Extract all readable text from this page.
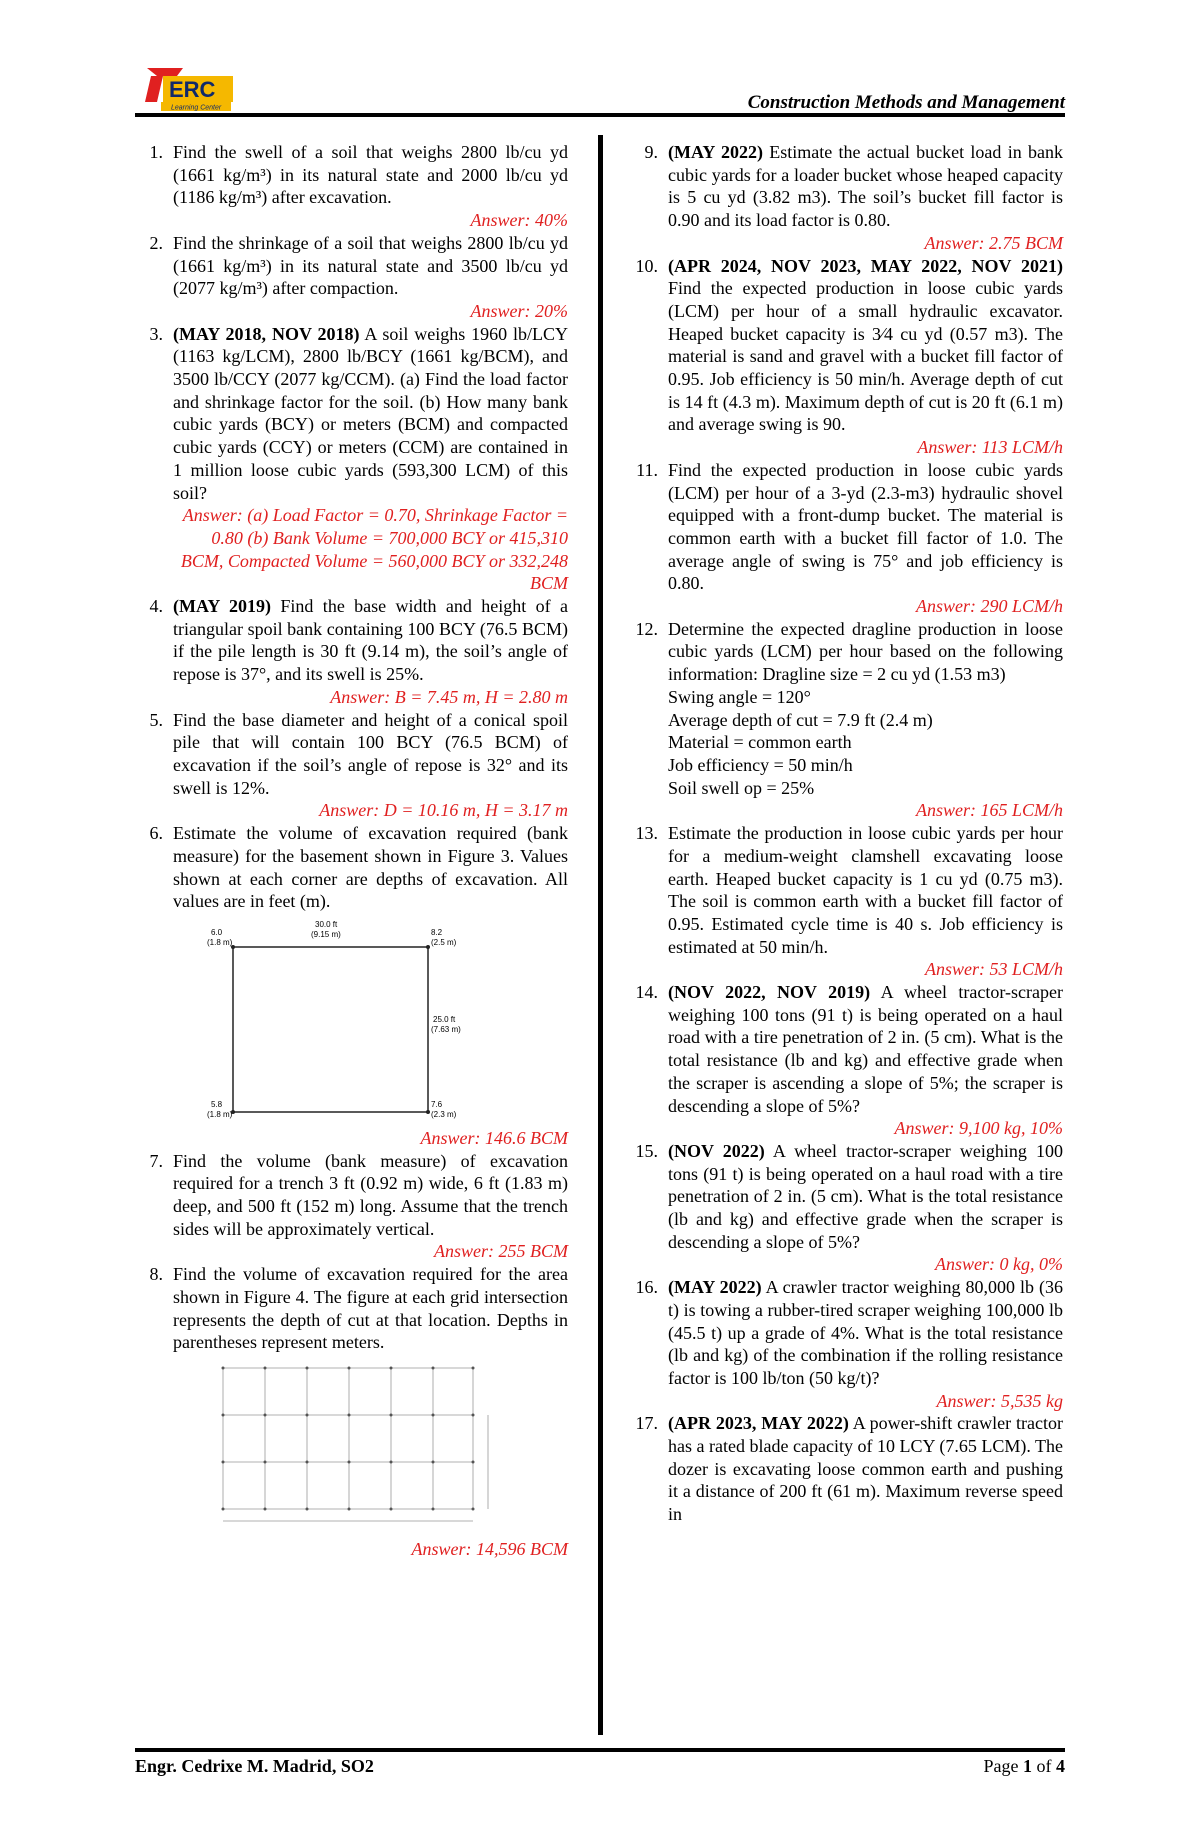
ERC
Learning Center	Construction Methods and Management
1. Find the swell of a soil that weighs 2800 lb/cu yd (1661 kg/m³) in its natural state and 2000 lb/cu yd (1186 kg/m³) after excavation.
Answer: 40%
2. Find the shrinkage of a soil that weighs 2800 lb/cu yd (1661 kg/m³) in its natural state and 3500 lb/cu yd (2077 kg/m³) after compaction.
Answer: 20%
3. (MAY 2018, NOV 2018) A soil weighs 1960 lb/LCY (1163 kg/LCM), 2800 lb/BCY (1661 kg/BCM), and 3500 lb/CCY (2077 kg/CCM). (a) Find the load factor and shrinkage factor for the soil. (b) How many bank cubic yards (BCY) or meters (BCM) and compacted cubic yards (CCY) or meters (CCM) are contained in 1 million loose cubic yards (593,300 LCM) of this soil?
Answer: (a) Load Factor = 0.70, Shrinkage Factor = 0.80 (b) Bank Volume = 700,000 BCY or 415,310 BCM, Compacted Volume = 560,000 BCY or 332,248 BCM
4. (MAY 2019) Find the base width and height of a triangular spoil bank containing 100 BCY (76.5 BCM) if the pile length is 30 ft (9.14 m), the soil’s angle of repose is 37°, and its swell is 25%.
Answer: B = 7.45 m, H = 2.80 m
5. Find the base diameter and height of a conical spoil pile that will contain 100 BCY (76.5 BCM) of excavation if the soil’s angle of repose is 32° and its swell is 12%.
Answer: D = 10.16 m, H = 3.17 m
6. Estimate the volume of excavation required (bank measure) for the basement shown in Figure 3. Values shown at each corner are depths of excavation. All values are in feet (m).
30.0 ft
(9.15 m)
25.0 ft
(7.63 m)
6.0
(1.8 m)
8.2
(2.5 m)
5.8
(1.8 m)
7.6
(2.3 m)
Answer: 146.6 BCM
7. Find the volume (bank measure) of excavation required for a trench 3 ft (0.92 m) wide, 6 ft (1.83 m) deep, and 500 ft (152 m) long. Assume that the trench sides will be approximately vertical.
Answer: 255 BCM
8. Find the volume of excavation required for the area shown in Figure 4. The figure at each grid intersection represents the depth of cut at that location. Depths in parentheses represent meters.
Answer: 14,596 BCM
9. (MAY 2022) Estimate the actual bucket load in bank cubic yards for a loader bucket whose heaped capacity is 5 cu yd (3.82 m3). The soil’s bucket fill factor is 0.90 and its load factor is 0.80.
Answer: 2.75 BCM
10. (APR 2024, NOV 2023, MAY 2022, NOV 2021) Find the expected production in loose cubic yards (LCM) per hour of a small hydraulic excavator. Heaped bucket capacity is 3⁄4 cu yd (0.57 m3). The material is sand and gravel with a bucket fill factor of 0.95. Job efficiency is 50 min/h. Average depth of cut is 14 ft (4.3 m). Maximum depth of cut is 20 ft (6.1 m) and average swing is 90.
Answer: 113 LCM/h
11. Find the expected production in loose cubic yards (LCM) per hour of a 3-yd (2.3-m3) hydraulic shovel equipped with a front-dump bucket. The material is common earth with a bucket fill factor of 1.0. The average angle of swing is 75° and job efficiency is 0.80.
Answer: 290 LCM/h
12. Determine the expected dragline production in loose cubic yards (LCM) per hour based on the following information: Dragline size = 2 cu yd (1.53 m3)
Swing angle = 120°
Average depth of cut = 7.9 ft (2.4 m)
Material = common earth
Job efficiency = 50 min/h
Soil swell op = 25%
Answer: 165 LCM/h
13. Estimate the production in loose cubic yards per hour for a medium-weight clamshell excavating loose earth. Heaped bucket capacity is 1 cu yd (0.75 m3). The soil is common earth with a bucket fill factor of 0.95. Estimated cycle time is 40 s. Job efficiency is estimated at 50 min/h.
Answer: 53 LCM/h
14. (NOV 2022, NOV 2019) A wheel tractor-scraper weighing 100 tons (91 t) is being operated on a haul road with a tire penetration of 2 in. (5 cm). What is the total resistance (lb and kg) and effective grade when the scraper is ascending a slope of 5%; the scraper is descending a slope of 5%?
Answer: 9,100 kg, 10%
15. (NOV 2022) A wheel tractor-scraper weighing 100 tons (91 t) is being operated on a haul road with a tire penetration of 2 in. (5 cm). What is the total resistance (lb and kg) and effective grade when the scraper is descending a slope of 5%?
Answer: 0 kg, 0%
16. (MAY 2022) A crawler tractor weighing 80,000 lb (36 t) is towing a rubber-tired scraper weighing 100,000 lb (45.5 t) up a grade of 4%. What is the total resistance (lb and kg) of the combination if the rolling resistance factor is 100 lb/ton (50 kg/t)?
Answer: 5,535 kg
17. (APR 2023, MAY 2022) A power-shift crawler tractor has a rated blade capacity of 10 LCY (7.65 LCM). The dozer is excavating loose common earth and pushing it a distance of 200 ft (61 m). Maximum reverse speed in
Engr. Cedrixe M. Madrid, SO2	Page 1 of 4
